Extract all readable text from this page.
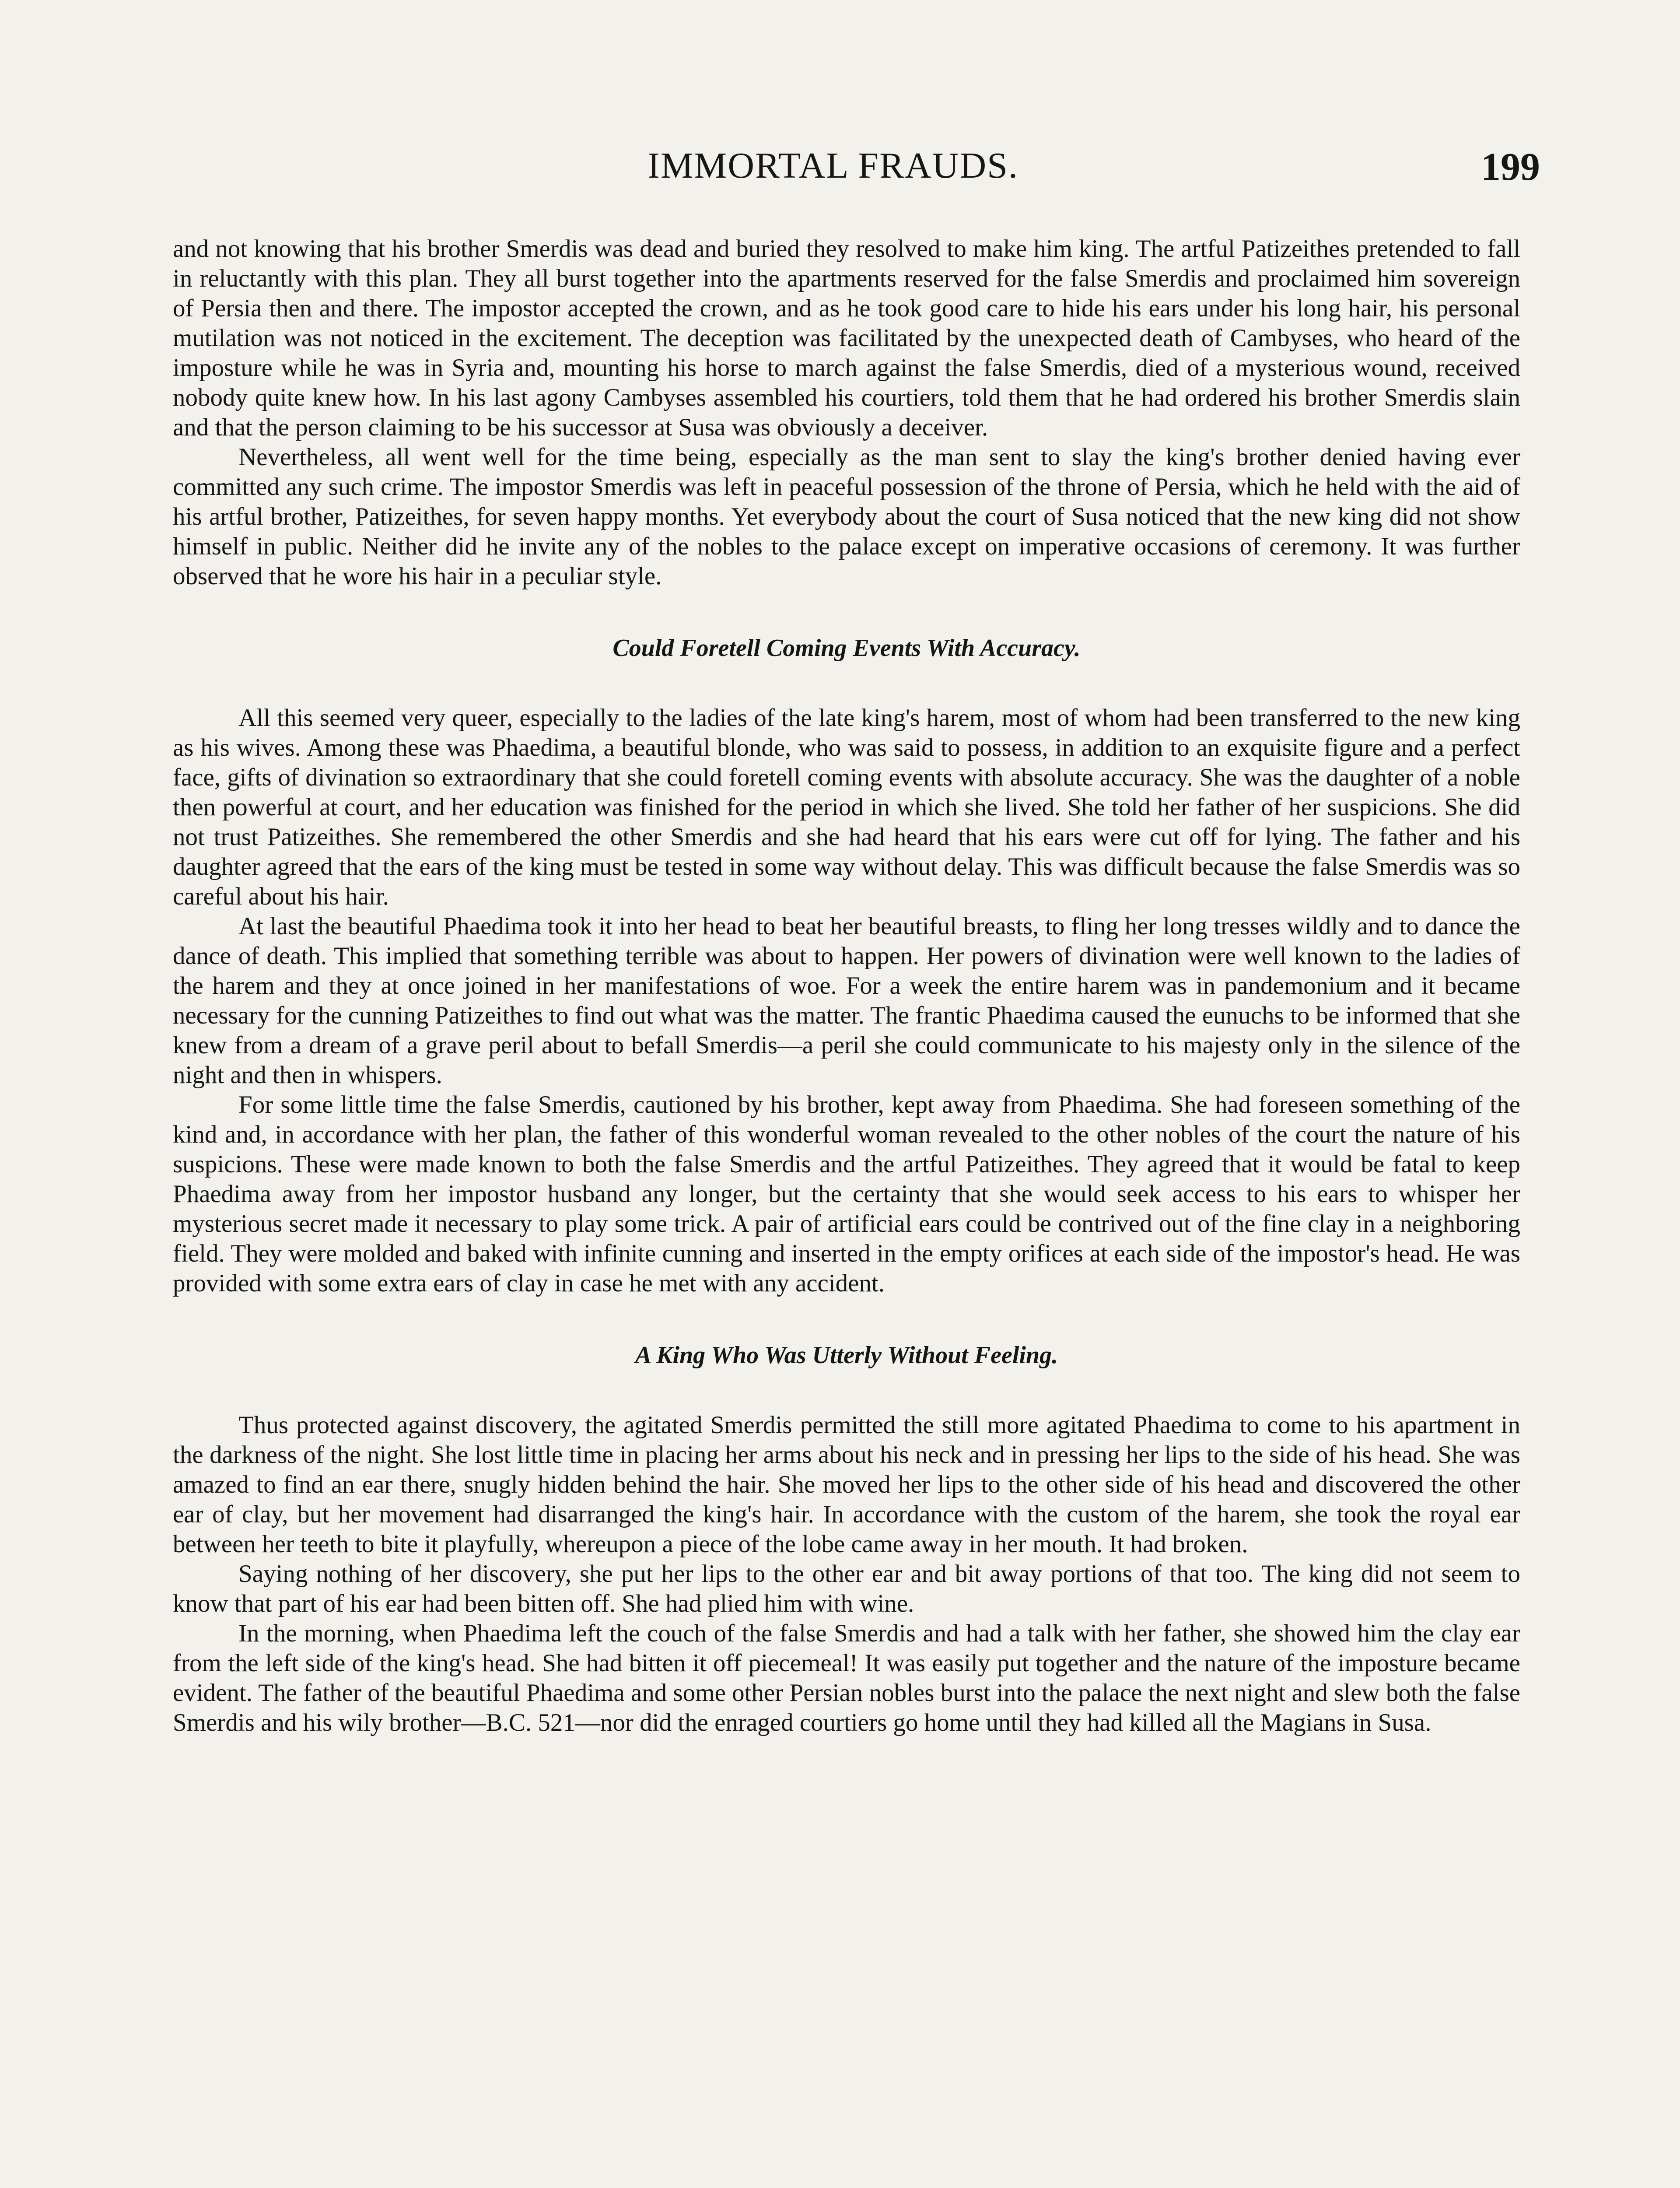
IMMORTAL FRAUDS.	199

and not knowing that his brother Smerdis was dead and buried they resolved to make him king. The artful Patizeithes pretended to fall in reluctantly with this plan. They all burst together into the apartments reserved for the false Smerdis and proclaimed him sovereign of Persia then and there. The impostor accepted the crown, and as he took good care to hide his ears under his long hair, his personal mutilation was not noticed in the excitement. The deception was facilitated by the unexpected death of Cambyses, who heard of the imposture while he was in Syria and, mounting his horse to march against the false Smerdis, died of a mysterious wound, received nobody quite knew how. In his last agony Cambyses assembled his courtiers, told them that he had ordered his brother Smerdis slain and that the person claiming to be his successor at Susa was obviously a deceiver.

Nevertheless, all went well for the time being, especially as the man sent to slay the king's brother denied having ever committed any such crime. The impostor Smerdis was left in peaceful possession of the throne of Persia, which he held with the aid of his artful brother, Patizeithes, for seven happy months. Yet everybody about the court of Susa noticed that the new king did not show himself in public. Neither did he invite any of the nobles to the palace except on imperative occasions of ceremony. It was further observed that he wore his hair in a peculiar style.

Could Foretell Coming Events With Accuracy.

All this seemed very queer, especially to the ladies of the late king's harem, most of whom had been transferred to the new king as his wives. Among these was Phaedima, a beautiful blonde, who was said to possess, in addition to an exquisite figure and a perfect face, gifts of divination so extraordinary that she could foretell coming events with absolute accuracy. She was the daughter of a noble then powerful at court, and her education was finished for the period in which she lived. She told her father of her suspicions. She did not trust Patizeithes. She remembered the other Smerdis and she had heard that his ears were cut off for lying. The father and his daughter agreed that the ears of the king must be tested in some way without delay. This was difficult because the false Smerdis was so careful about his hair.

At last the beautiful Phaedima took it into her head to beat her beautiful breasts, to fling her long tresses wildly and to dance the dance of death. This implied that something terrible was about to happen. Her powers of divination were well known to the ladies of the harem and they at once joined in her manifestations of woe. For a week the entire harem was in pandemonium and it became necessary for the cunning Patizeithes to find out what was the matter. The frantic Phaedima caused the eunuchs to be informed that she knew from a dream of a grave peril about to befall Smerdis—a peril she could communicate to his majesty only in the silence of the night and then in whispers.

For some little time the false Smerdis, cautioned by his brother, kept away from Phaedima. She had foreseen something of the kind and, in accordance with her plan, the father of this wonderful woman revealed to the other nobles of the court the nature of his suspicions. These were made known to both the false Smerdis and the artful Patizeithes. They agreed that it would be fatal to keep Phaedima away from her impostor husband any longer, but the certainty that she would seek access to his ears to whisper her mysterious secret made it necessary to play some trick. A pair of artificial ears could be contrived out of the fine clay in a neighboring field. They were molded and baked with infinite cunning and inserted in the empty orifices at each side of the impostor's head. He was provided with some extra ears of clay in case he met with any accident.

A King Who Was Utterly Without Feeling.

Thus protected against discovery, the agitated Smerdis permitted the still more agitated Phaedima to come to his apartment in the darkness of the night. She lost little time in placing her arms about his neck and in pressing her lips to the side of his head. She was amazed to find an ear there, snugly hidden behind the hair. She moved her lips to the other side of his head and discovered the other ear of clay, but her movement had disarranged the king's hair. In accordance with the custom of the harem, she took the royal ear between her teeth to bite it playfully, whereupon a piece of the lobe came away in her mouth. It had broken.

Saying nothing of her discovery, she put her lips to the other ear and bit away portions of that too. The king did not seem to know that part of his ear had been bitten off. She had plied him with wine.

In the morning, when Phaedima left the couch of the false Smerdis and had a talk with her father, she showed him the clay ear from the left side of the king's head. She had bitten it off piecemeal! It was easily put together and the nature of the imposture became evident. The father of the beautiful Phaedima and some other Persian nobles burst into the palace the next night and slew both the false Smerdis and his wily brother—B.C. 521—nor did the enraged courtiers go home until they had killed all the Magians in Susa.
